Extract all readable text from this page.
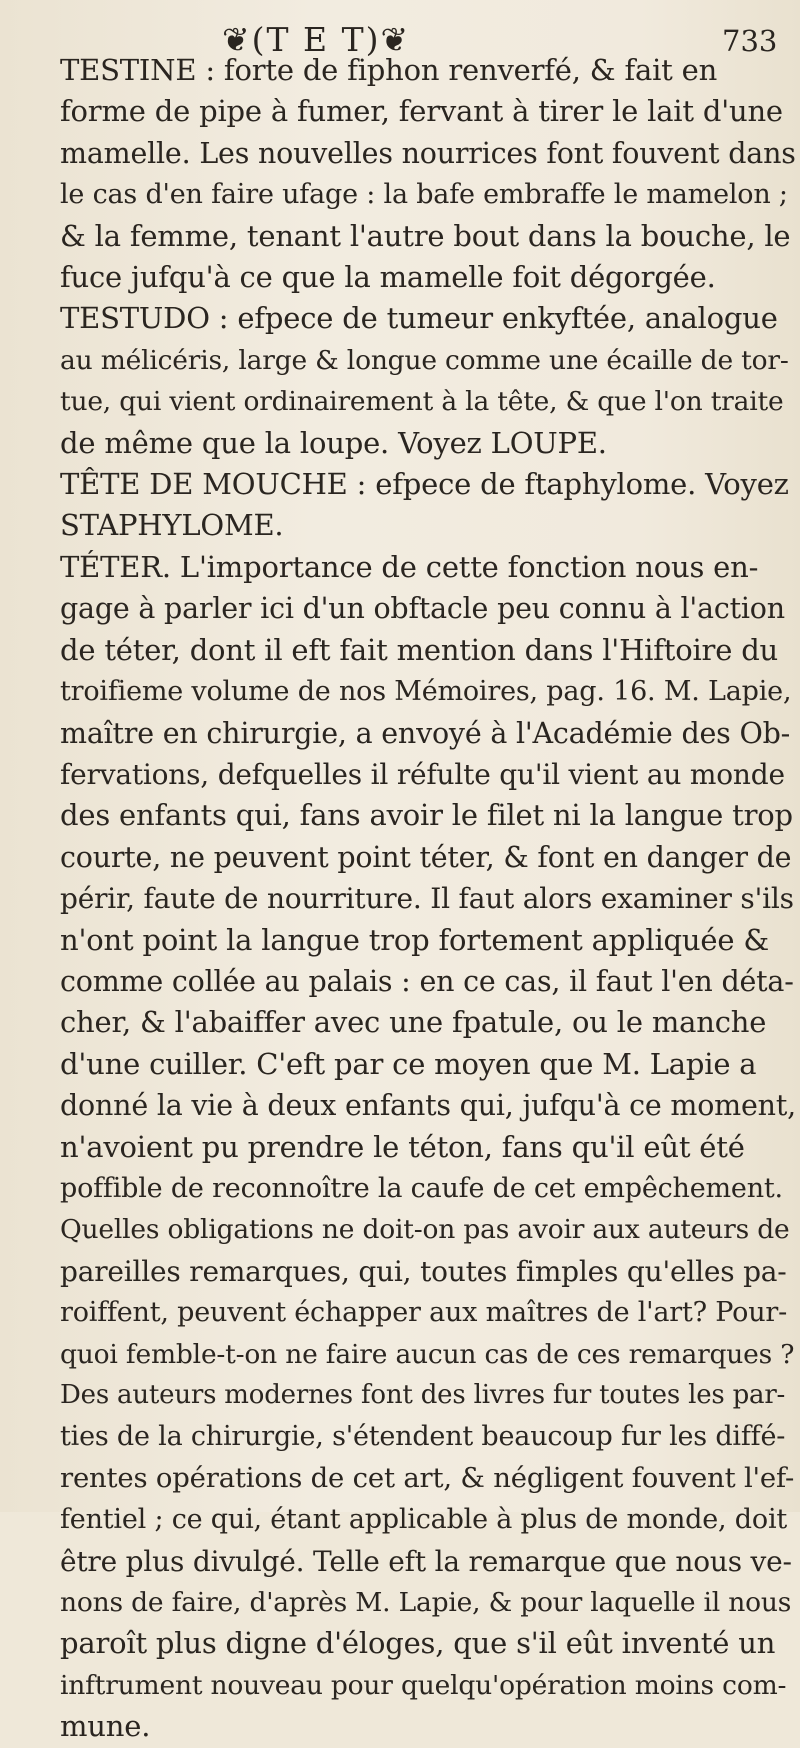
❦(T E T)❦	733

TESTINE : forte de fiphon renverfé, & fait en
forme de pipe à fumer, fervant à tirer le lait d'une
mamelle. Les nouvelles nourrices font fouvent dans
le cas d'en faire ufage : la bafe embraffe le mamelon ;
& la femme, tenant l'autre bout dans la bouche, le
fuce jufqu'à ce que la mamelle foit dégorgée.

TESTUDO : efpece de tumeur enkyftée, analogue
au mélicéris, large & longue comme une écaille de tor-
tue, qui vient ordinairement à la tête, & que l'on traite
de même que la loupe. Voyez LOUPE.

TÊTE DE MOUCHE : efpece de ftaphylome. Voyez
STAPHYLOME.

TÉTER. L'importance de cette fonction nous en-
gage à parler ici d'un obftacle peu connu à l'action
de téter, dont il eft fait mention dans l'Hiftoire du
troifieme volume de nos Mémoires, pag. 16. M. Lapie,
maître en chirurgie, a envoyé à l'Académie des Ob-
fervations, defquelles il réfulte qu'il vient au monde
des enfants qui, fans avoir le filet ni la langue trop
courte, ne peuvent point téter, & font en danger de
périr, faute de nourriture. Il faut alors examiner s'ils
n'ont point la langue trop fortement appliquée &
comme collée au palais : en ce cas, il faut l'en déta-
cher, & l'abaiffer avec une fpatule, ou le manche
d'une cuiller. C'eft par ce moyen que M. Lapie a
donné la vie à deux enfants qui, jufqu'à ce moment,
n'avoient pu prendre le téton, fans qu'il eût été
poffible de reconnoître la caufe de cet empêchement.
Quelles obligations ne doit-on pas avoir aux auteurs de
pareilles remarques, qui, toutes fimples qu'elles pa-
roiffent, peuvent échapper aux maîtres de l'art? Pour-
quoi femble-t-on ne faire aucun cas de ces remarques ?
Des auteurs modernes font des livres fur toutes les par-
ties de la chirurgie, s'étendent beaucoup fur les diffé-
rentes opérations de cet art, & négligent fouvent l'ef-
fentiel ; ce qui, étant applicable à plus de monde, doit
être plus divulgé. Telle eft la remarque que nous ve-
nons de faire, d'après M. Lapie, & pour laquelle il nous
paroît plus digne d'éloges, que s'il eût inventé un
inftrument nouveau pour quelqu'opération moins com-
mune.
